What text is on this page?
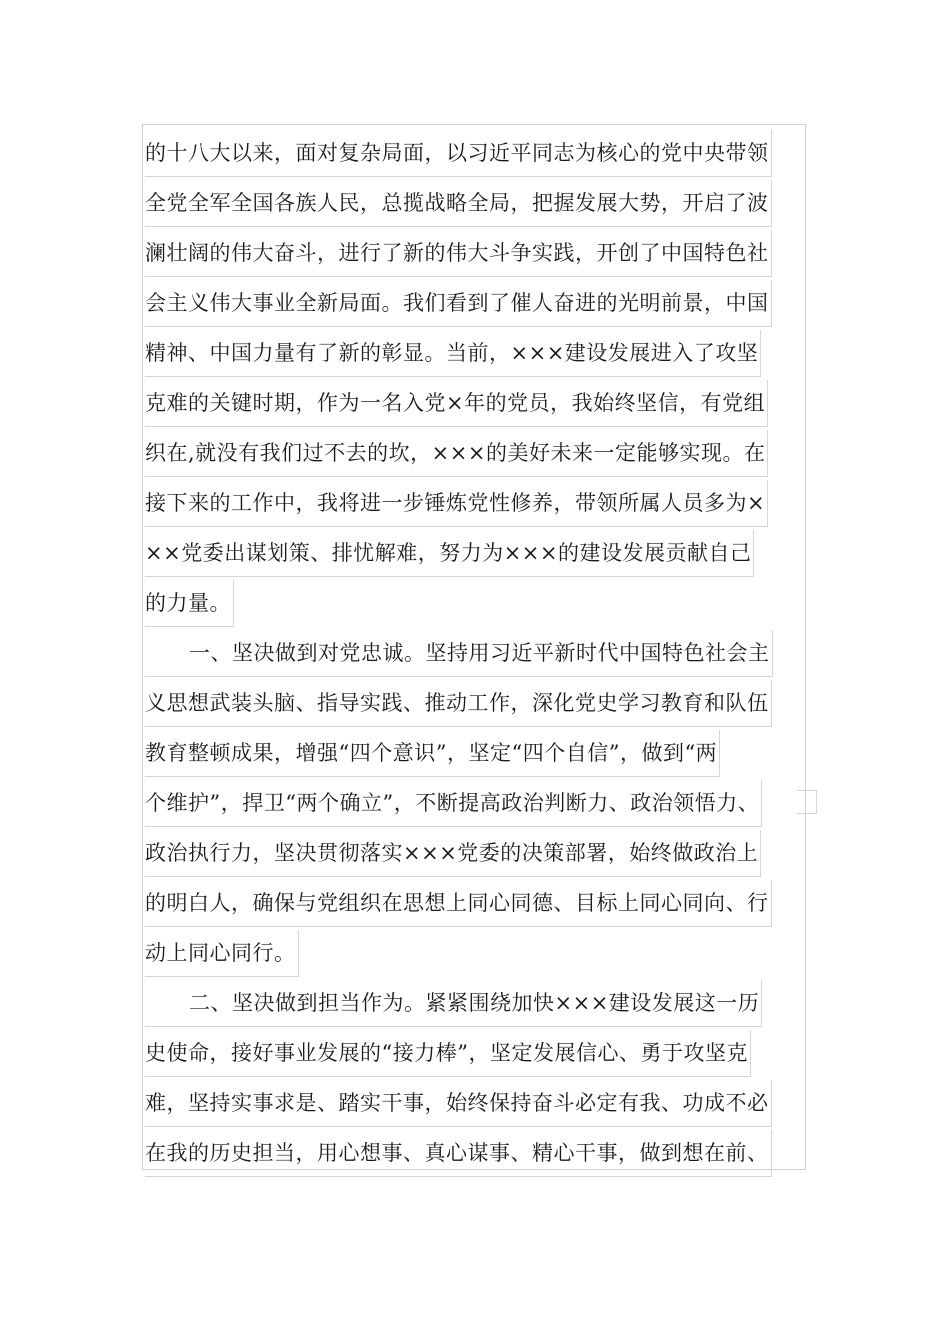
的十八大以来，面对复杂局面，以习近平同志为核心的党中央带领
全党全军全国各族人民，总揽战略全局，把握发展大势，开启了波
澜壮阔的伟大奋斗，进行了新的伟大斗争实践，开创了中国特色社
会主义伟大事业全新局面。我们看到了催人奋进的光明前景，中国
精神、中国力量有了新的彰显。当前，×××建设发展进入了攻坚
克难的关键时期，作为一名入党×年的党员，我始终坚信，有党组
织在,就没有我们过不去的坎，×××的美好未来一定能够实现。在
接下来的工作中，我将进一步锤炼党性修养，带领所属人员多为×
××党委出谋划策、排忧解难，努力为×××的建设发展贡献自己
的力量。
一、坚决做到对党忠诚。坚持用习近平新时代中国特色社会主
义思想武装头脑、指导实践、推动工作，深化党史学习教育和队伍
教育整顿成果，增强“四个意识”，坚定“四个自信”，做到“两
个维护”，捍卫“两个确立”，不断提高政治判断力、政治领悟力、
政治执行力，坚决贯彻落实×××党委的决策部署，始终做政治上
的明白人，确保与党组织在思想上同心同德、目标上同心同向、行
动上同心同行。
二、坚决做到担当作为。紧紧围绕加快×××建设发展这一历
史使命，接好事业发展的“接力棒”，坚定发展信心、勇于攻坚克
难，坚持实事求是、踏实干事，始终保持奋斗必定有我、功成不必
在我的历史担当，用心想事、真心谋事、精心干事，做到想在前、
